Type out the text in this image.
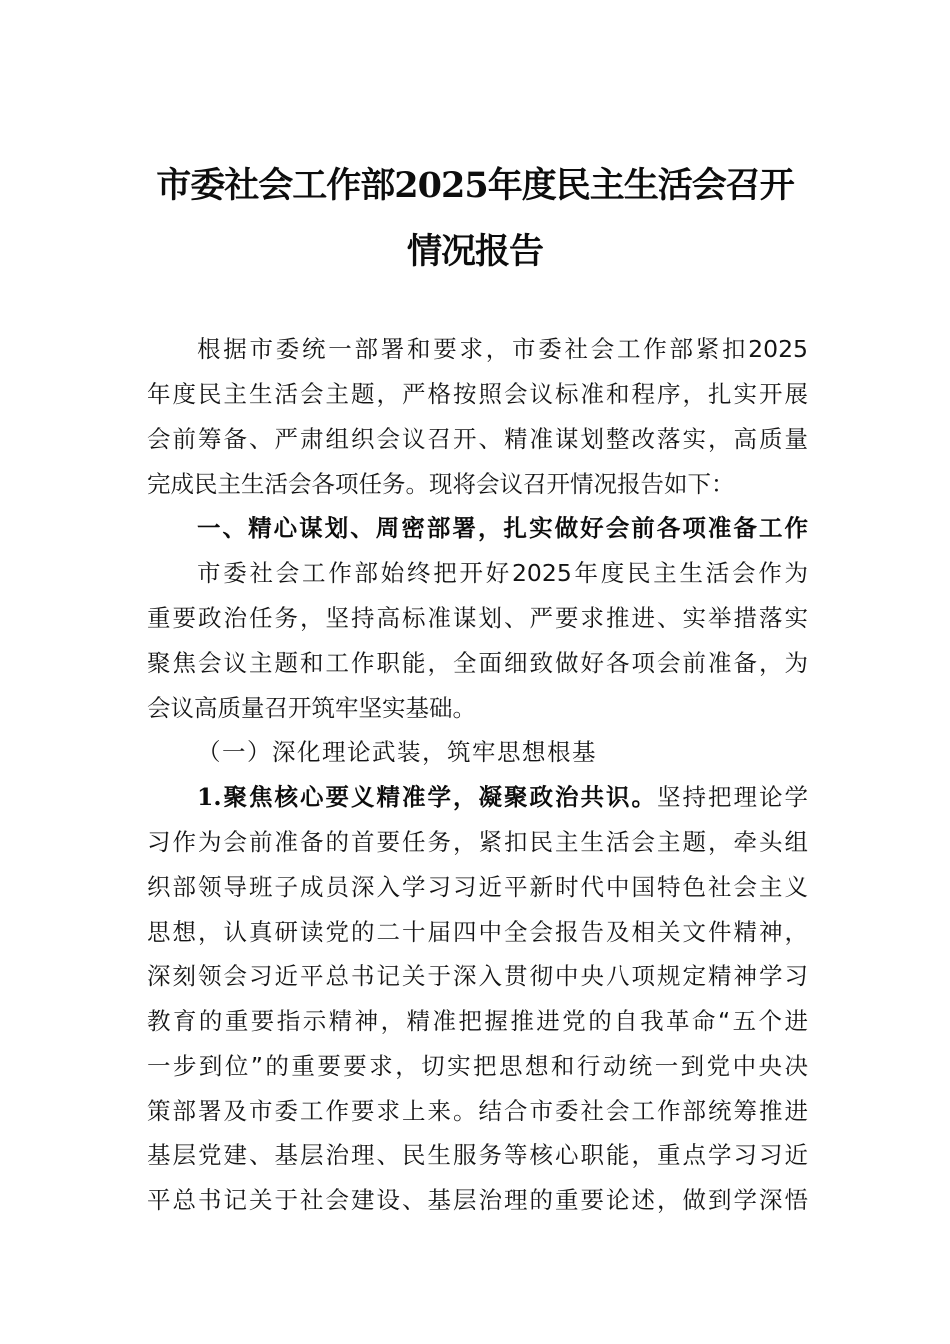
市委社会工作部2025年度民主生活会召开
情况报告
根据市委统一部署和要求，市委社会工作部紧扣2025
年度民主生活会主题，严格按照会议标准和程序，扎实开展
会前筹备、严肃组织会议召开、精准谋划整改落实，高质量
完成民主生活会各项任务。现将会议召开情况报告如下：
一、精心谋划、周密部署，扎实做好会前各项准备工作
市委社会工作部始终把开好2025年度民主生活会作为
重要政治任务，坚持高标准谋划、严要求推进、实举措落实
聚焦会议主题和工作职能，全面细致做好各项会前准备，为
会议高质量召开筑牢坚实基础。
（一）深化理论武装，筑牢思想根基
1.聚焦核心要义精准学，凝聚政治共识。坚持把理论学
习作为会前准备的首要任务，紧扣民主生活会主题，牵头组
织部领导班子成员深入学习习近平新时代中国特色社会主义
思想，认真研读党的二十届四中全会报告及相关文件精神，
深刻领会习近平总书记关于深入贯彻中央八项规定精神学习
教育的重要指示精神，精准把握推进党的自我革命“五个进
一步到位”的重要要求，切实把思想和行动统一到党中央决
策部署及市委工作要求上来。结合市委社会工作部统筹推进
基层党建、基层治理、民生服务等核心职能，重点学习习近
平总书记关于社会建设、基层治理的重要论述，做到学深悟
